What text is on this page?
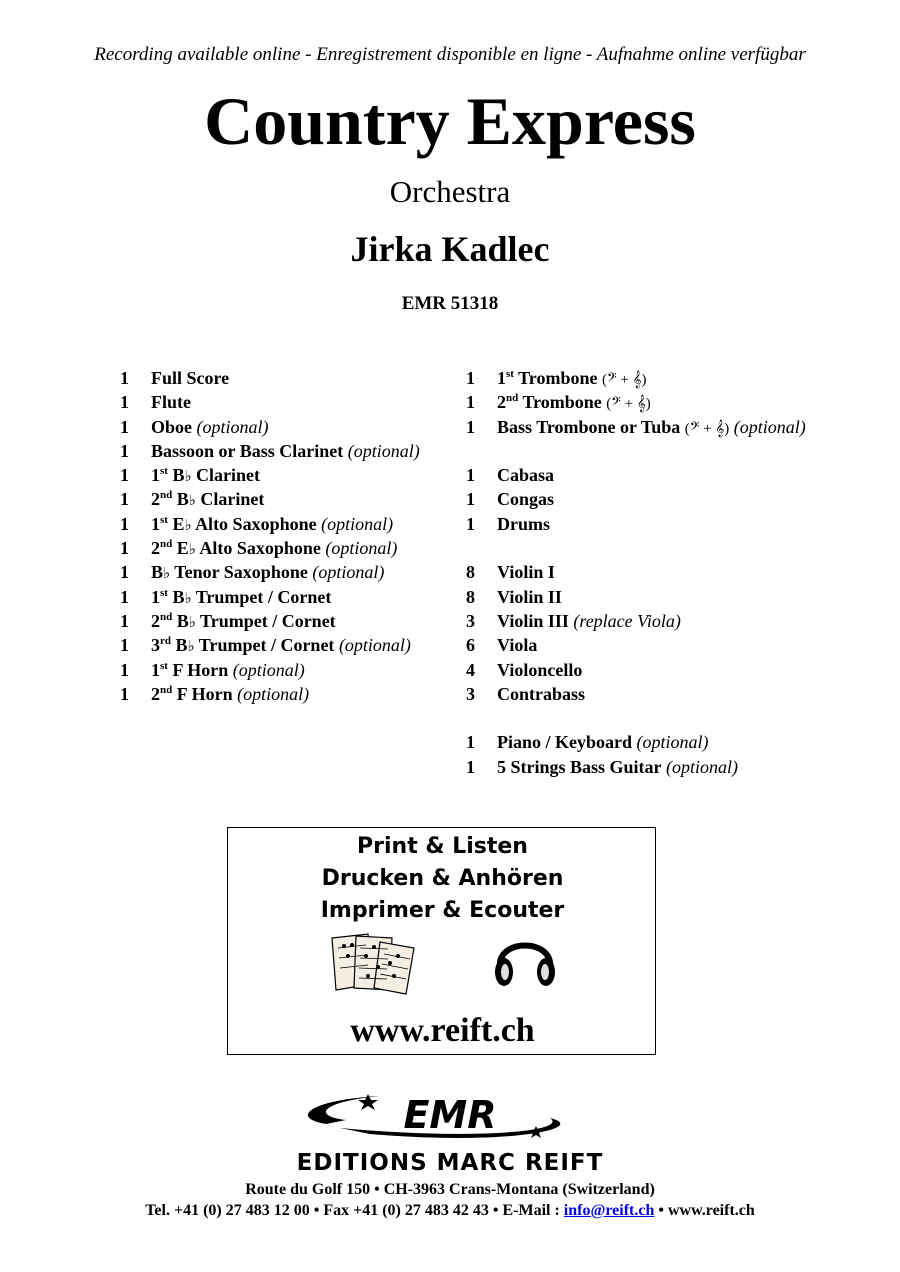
Recording available online - Enregistrement disponible en ligne - Aufnahme online verfügbar
Country Express
Orchestra
Jirka Kadlec
EMR 51318
1 Full Score
1 Flute
1 Oboe (optional)
1 Bassoon or Bass Clarinet (optional)
1 1st B♭ Clarinet
1 2nd B♭ Clarinet
1 1st E♭ Alto Saxophone (optional)
1 2nd E♭ Alto Saxophone (optional)
1 B♭ Tenor Saxophone (optional)
1 1st B♭ Trumpet / Cornet
1 2nd B♭ Trumpet / Cornet
1 3rd B♭ Trumpet / Cornet (optional)
1 1st F Horn (optional)
1 2nd F Horn (optional)
1 1st Trombone (𝄢 + 𝄞)
1 2nd Trombone (𝄢 + 𝄞)
1 Bass Trombone or Tuba (𝄢 + 𝄞) (optional)
1 Cabasa
1 Congas
1 Drums
8 Violin I
8 Violin II
3 Violin III (replace Viola)
6 Viola
4 Violoncello
3 Contrabass
1 Piano / Keyboard (optional)
1 5 Strings Bass Guitar (optional)
Print & Listen
Drucken & Anhören
Imprimer & Ecouter
www.reift.ch
EMR
EDITIONS MARC REIFT
Route du Golf 150 • CH-3963 Crans-Montana (Switzerland)
Tel. +41 (0) 27 483 12 00 • Fax +41 (0) 27 483 42 43 • E-Mail : info@reift.ch • www.reift.ch
